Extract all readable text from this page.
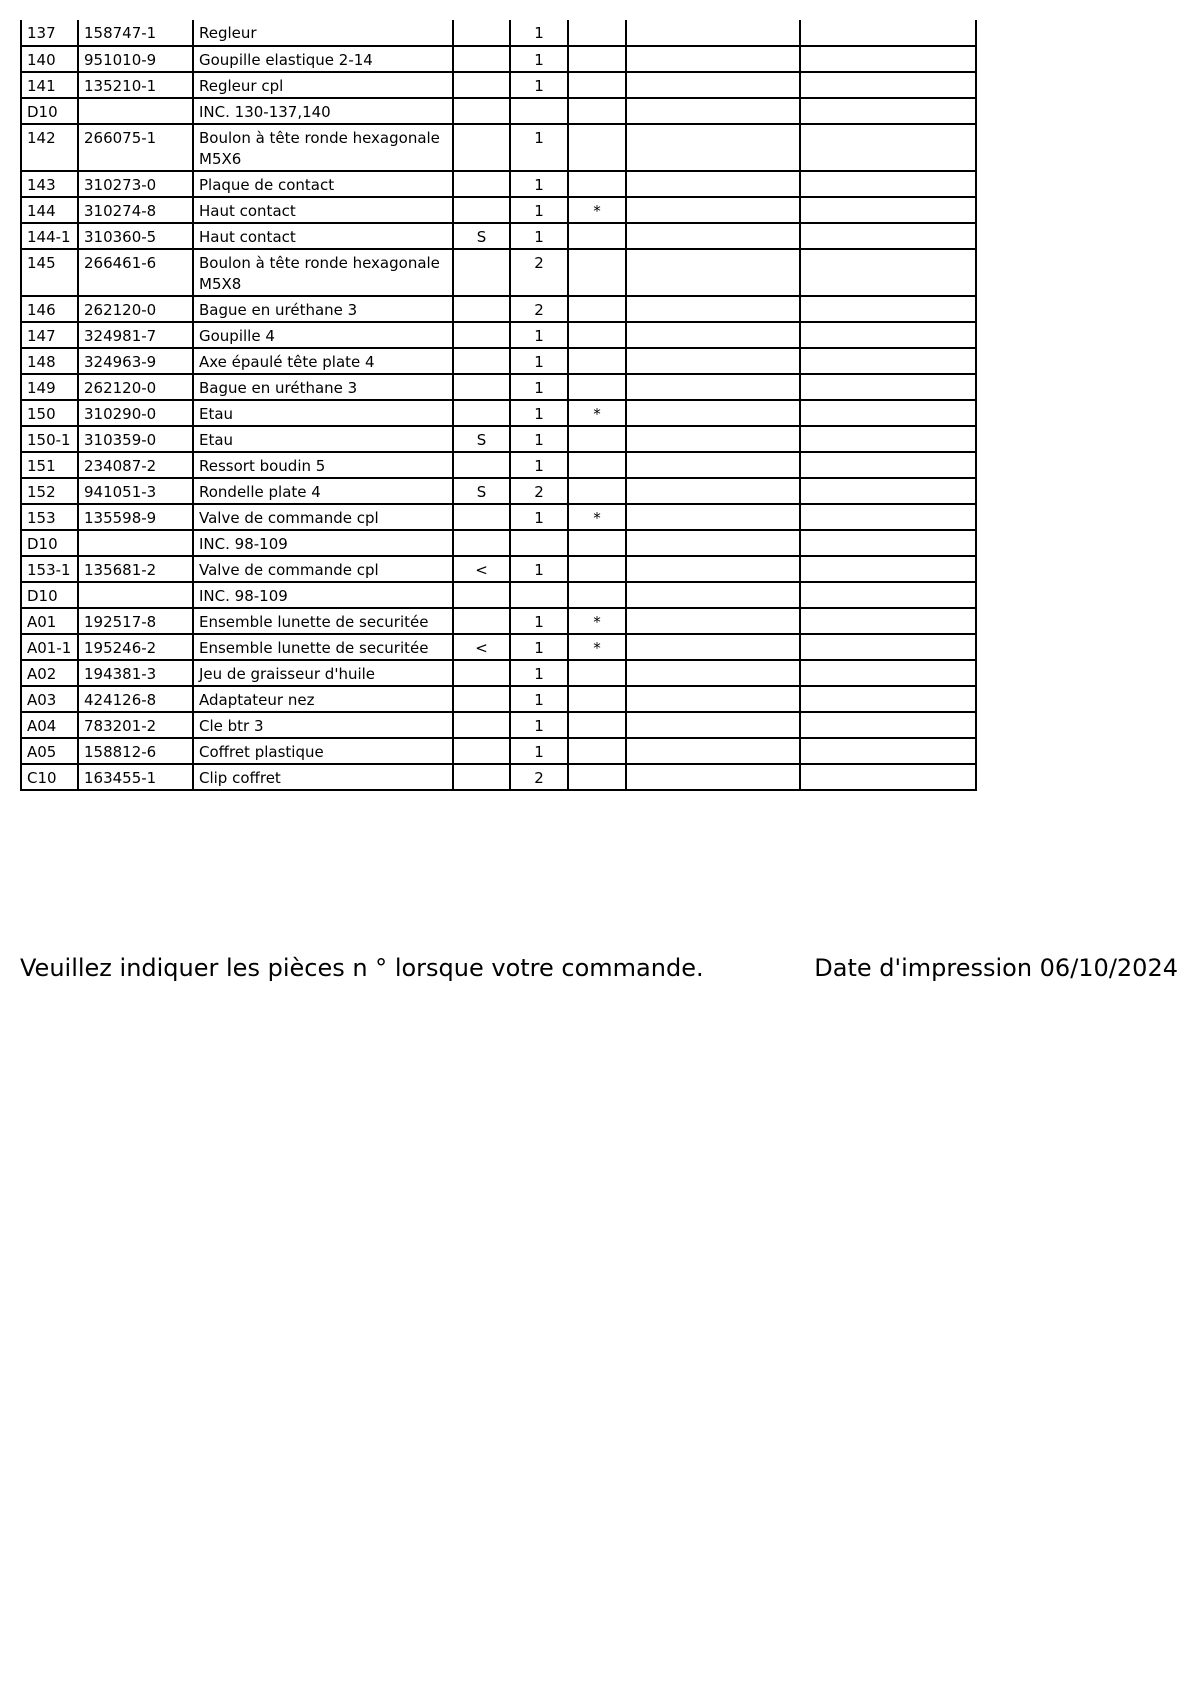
137	158747-1	Regleur		1			
140	951010-9	Goupille elastique 2-14		1			
141	135210-1	Regleur cpl		1			
D10		INC. 130-137,140					
142	266075-1	Boulon à tête ronde hexagonale M5X6		1			
143	310273-0	Plaque de contact		1			
144	310274-8	Haut contact		1	*		
144-1	310360-5	Haut contact	S	1			
145	266461-6	Boulon à tête ronde hexagonale M5X8		2			
146	262120-0	Bague en uréthane 3		2			
147	324981-7	Goupille 4		1			
148	324963-9	Axe épaulé tête plate 4		1			
149	262120-0	Bague en uréthane 3		1			
150	310290-0	Etau		1	*		
150-1	310359-0	Etau	S	1			
151	234087-2	Ressort boudin 5		1			
152	941051-3	Rondelle plate 4	S	2			
153	135598-9	Valve de commande cpl		1	*		
D10		INC. 98-109					
153-1	135681-2	Valve de commande cpl	<	1			
D10		INC. 98-109					
A01	192517-8	Ensemble lunette de securitée		1	*		
A01-1	195246-2	Ensemble lunette de securitée	<	1	*		
A02	194381-3	Jeu de graisseur d'huile		1			
A03	424126-8	Adaptateur nez		1			
A04	783201-2	Cle btr 3		1			
A05	158812-6	Coffret plastique		1			
C10	163455-1	Clip coffret		2			
Veuillez indiquer les pièces n ° lorsque votre commande.	Date d'impression 06/10/2024
